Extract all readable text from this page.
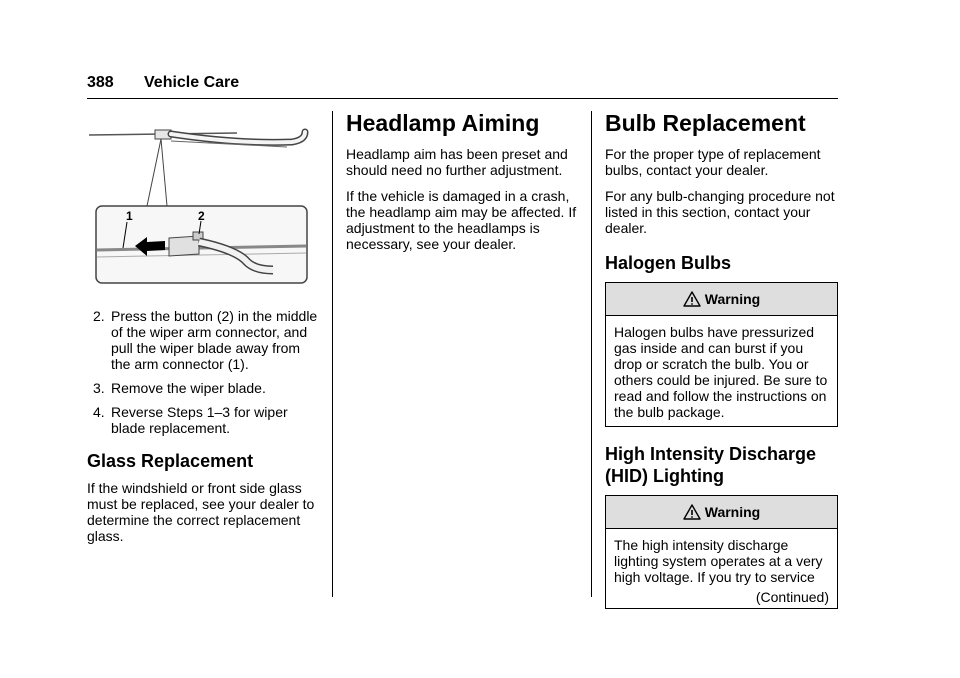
388 Vehicle Care
1	2
2. Press the button (2) in the middle of the wiper arm connector, and pull the wiper blade away from the arm connector (1).
3. Remove the wiper blade.
4. Reverse Steps 1–3 for wiper blade replacement.
Glass Replacement

If the windshield or front side glass must be replaced, see your dealer to determine the correct replacement glass.

Headlamp Aiming

Headlamp aim has been preset and should need no further adjustment.

If the vehicle is damaged in a crash, the headlamp aim may be affected. If adjustment to the headlamps is necessary, see your dealer.

Bulb Replacement

For the proper type of replacement bulbs, contact your dealer.

For any bulb-changing procedure not listed in this section, contact your dealer.

Halogen Bulbs
Warning

Halogen bulbs have pressurized gas inside and can burst if you drop or scratch the bulb. You or others could be injured. Be sure to read and follow the instructions on the bulb package.

High Intensity Discharge (HID) Lighting
Warning

The high intensity discharge lighting system operates at a very high voltage. If you try to service

(Continued)
